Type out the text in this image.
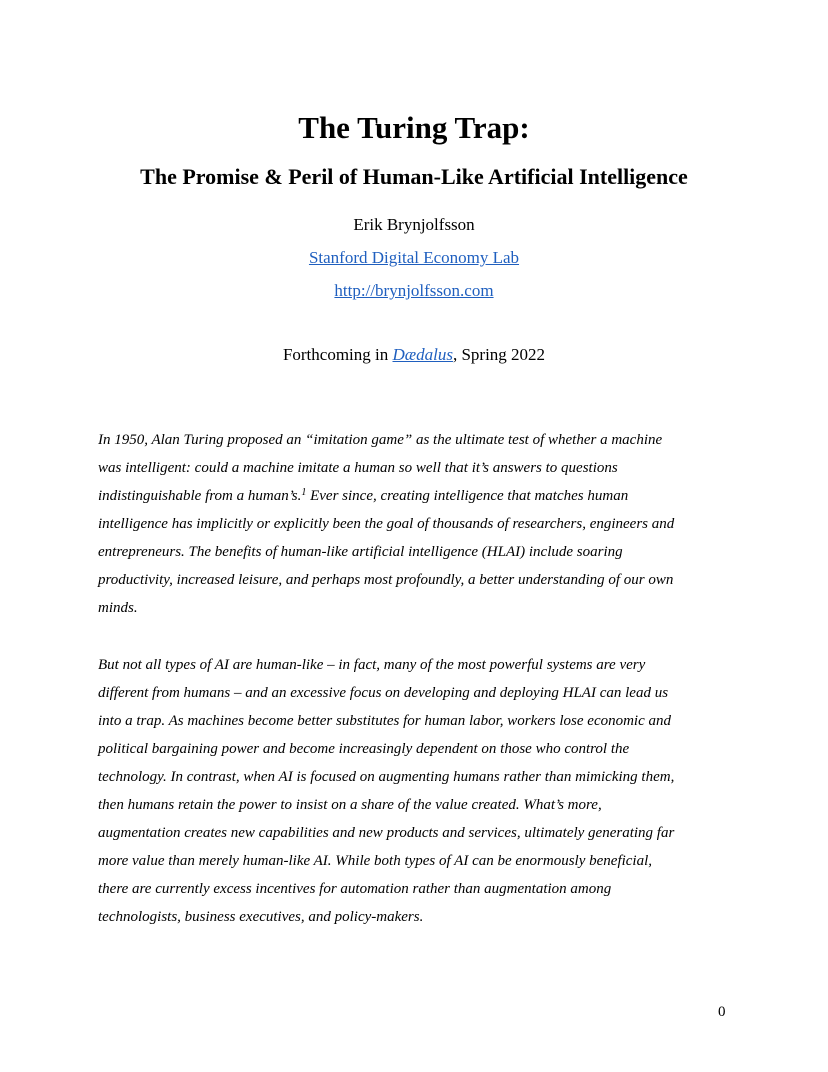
The Turing Trap:
The Promise & Peril of Human-Like Artificial Intelligence
Erik Brynjolfsson
Stanford Digital Economy Lab
http://brynjolfsson.com
Forthcoming in Dædalus, Spring 2022
In 1950, Alan Turing proposed an “imitation game” as the ultimate test of whether a machine
was intelligent: could a machine imitate a human so well that it’s answers to questions
indistinguishable from a human’s.$^1$ Ever since, creating intelligence that matches human
intelligence has implicitly or explicitly been the goal of thousands of researchers, engineers and
entrepreneurs. The benefits of human-like artificial intelligence (HLAI) include soaring
productivity, increased leisure, and perhaps most profoundly, a better understanding of our own
minds.
But not all types of AI are human-like – in fact, many of the most powerful systems are very
different from humans – and an excessive focus on developing and deploying HLAI can lead us
into a trap. As machines become better substitutes for human labor, workers lose economic and
political bargaining power and become increasingly dependent on those who control the
technology. In contrast, when AI is focused on augmenting humans rather than mimicking them,
then humans retain the power to insist on a share of the value created. What’s more,
augmentation creates new capabilities and new products and services, ultimately generating far
more value than merely human-like AI. While both types of AI can be enormously beneficial,
there are currently excess incentives for automation rather than augmentation among
technologists, business executives, and policy-makers.
0
